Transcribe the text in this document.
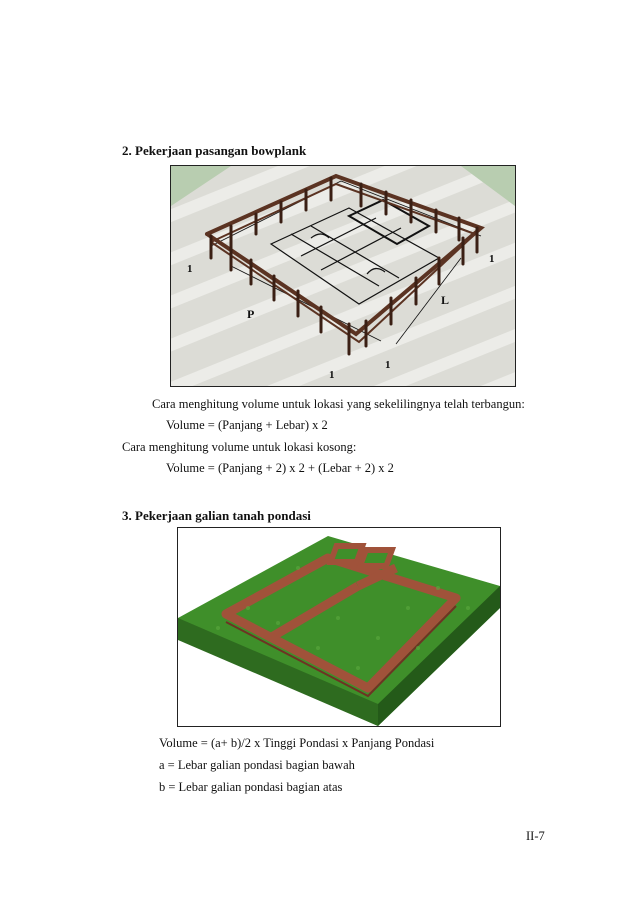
2. Pekerjaan pasangan bowplank
1
P
L
1
1
1
Cara menghitung volume untuk lokasi yang sekelilingnya telah terbangun:
Volume = (Panjang + Lebar) x 2
Cara menghitung volume untuk lokasi kosong:
Volume = (Panjang + 2) x 2 + (Lebar + 2) x 2
3. Pekerjaan galian tanah pondasi
Volume = (a+ b)/2 x Tinggi Pondasi x Panjang Pondasi
a = Lebar galian pondasi bagian bawah
b = Lebar galian pondasi bagian atas
II-7
